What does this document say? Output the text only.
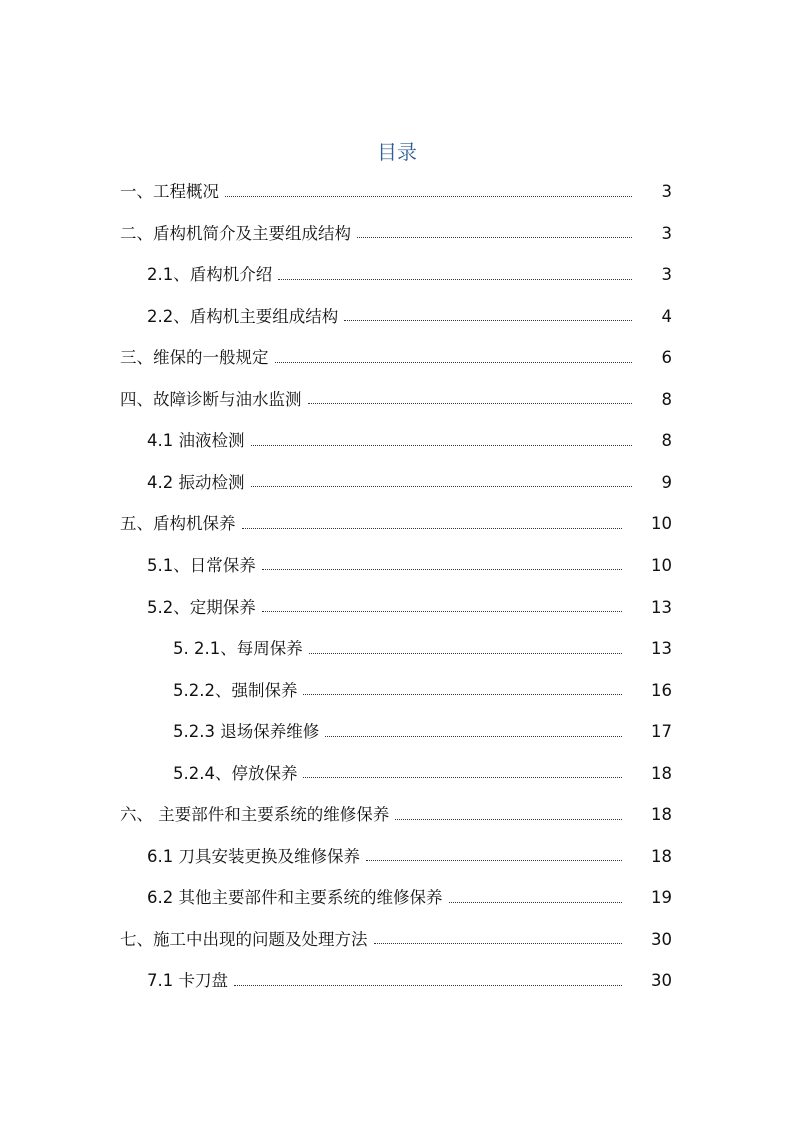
目录
一、工程概况	3
二、盾构机简介及主要组成结构	3
2.1、盾构机介绍	3
2.2、盾构机主要组成结构	4
三、维保的一般规定	6
四、故障诊断与油水监测	8
4.1 油液检测	8
4.2 振动检测	9
五、盾构机保养	10
5.1、日常保养	10
5.2、定期保养	13
5. 2.1、每周保养	13
5.2.2、强制保养	16
5.2.3 退场保养维修	17
5.2.4、停放保养	18
六、 主要部件和主要系统的维修保养	18
6.1 刀具安装更换及维修保养	18
6.2 其他主要部件和主要系统的维修保养	19
七、施工中出现的问题及处理方法	30
7.1 卡刀盘	30
